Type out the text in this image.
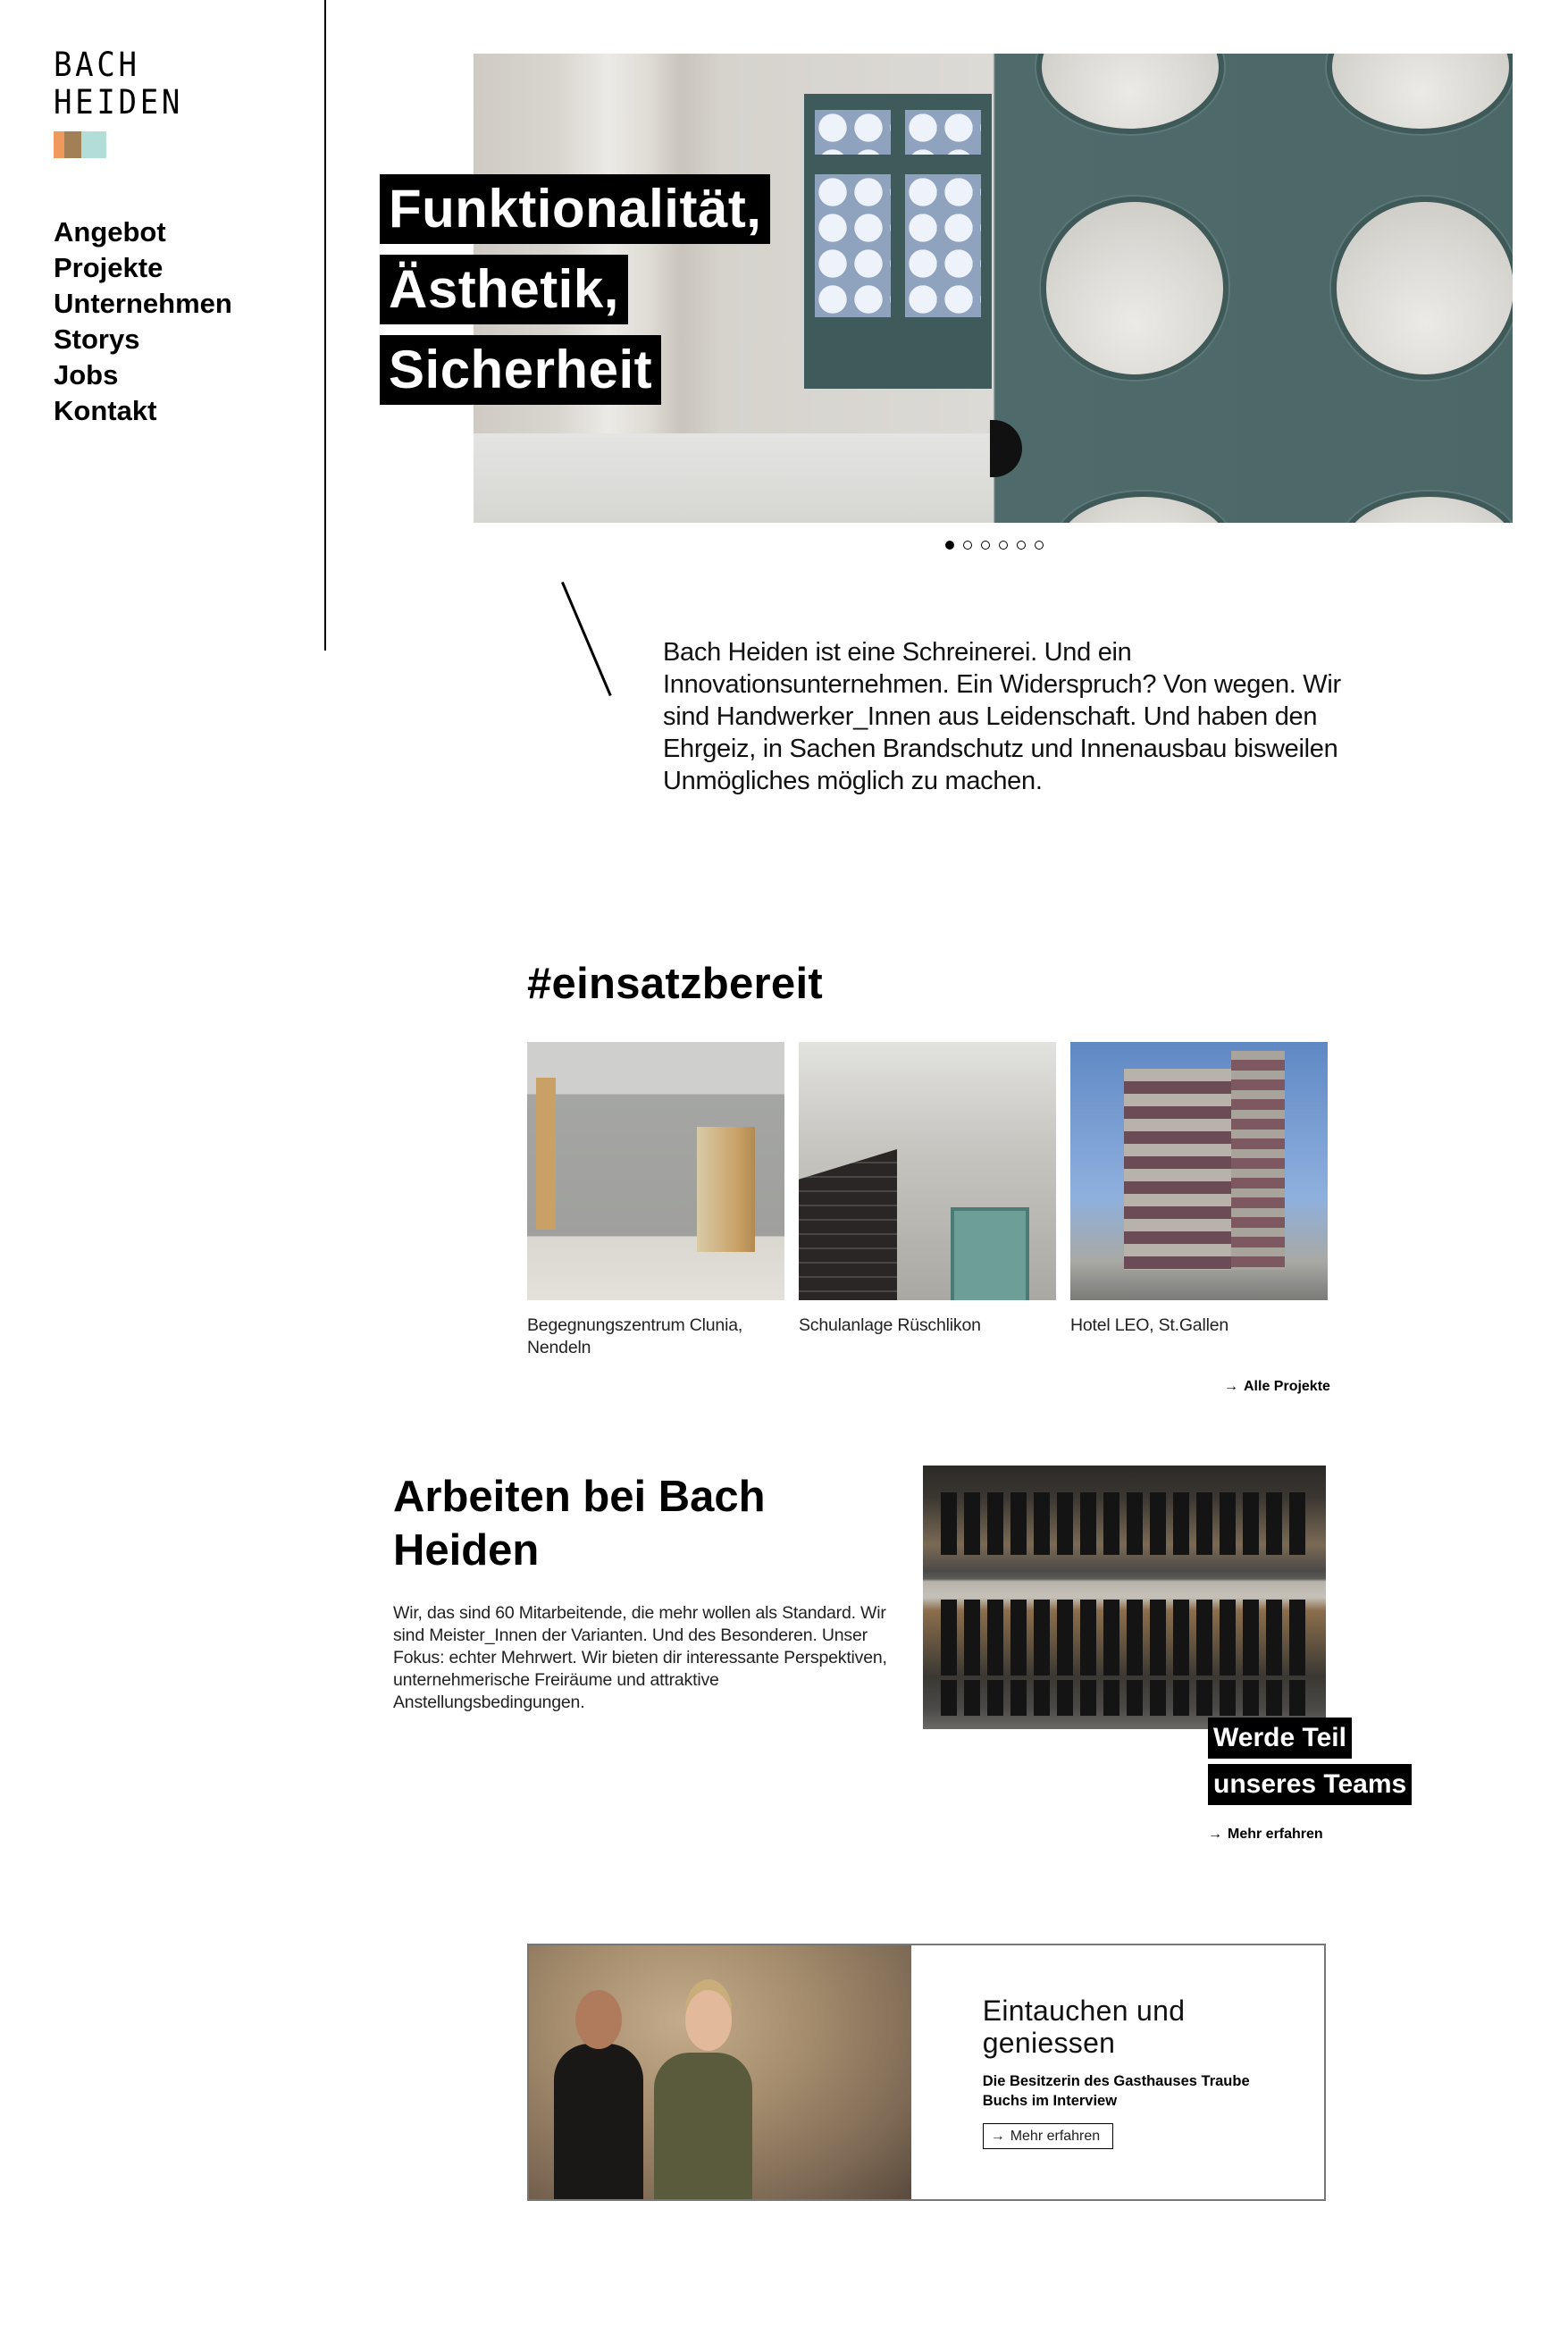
BACH
HEIDEN
Angebot
Projekte
Unternehmen
Storys
Jobs
Kontakt
Funktionalität,
Ästhetik,
Sicherheit

Bach Heiden ist eine Schreinerei. Und ein Innovationsunternehmen. Ein Widerspruch? Von wegen. Wir sind Handwerker_Innen aus Leidenschaft. Und haben den Ehrgeiz, in Sachen Brandschutz und Innenausbau bisweilen Unmögliches möglich zu machen.

#einsatzbereit
Begegnungszentrum Clunia, Nendeln
Schulanlage Rüschlikon	Hotel LEO, St.Gallen
→ Alle Projekte
Arbeiten bei Bach Heiden

Wir, das sind 60 Mitarbeitende, die mehr wollen als Standard. Wir sind Meister_Innen der Varianten. Und des Besonderen. Unser Fokus: echter Mehrwert. Wir bieten dir interessante Perspektiven, unternehmerische Freiräume und attraktive Anstellungsbedingungen.

Werde Teil
unseres Teams
→ Mehr erfahren
Eintauchen und geniessen

Die Besitzerin des Gasthauses Traube Buchs im Interview

→ Mehr erfahren
